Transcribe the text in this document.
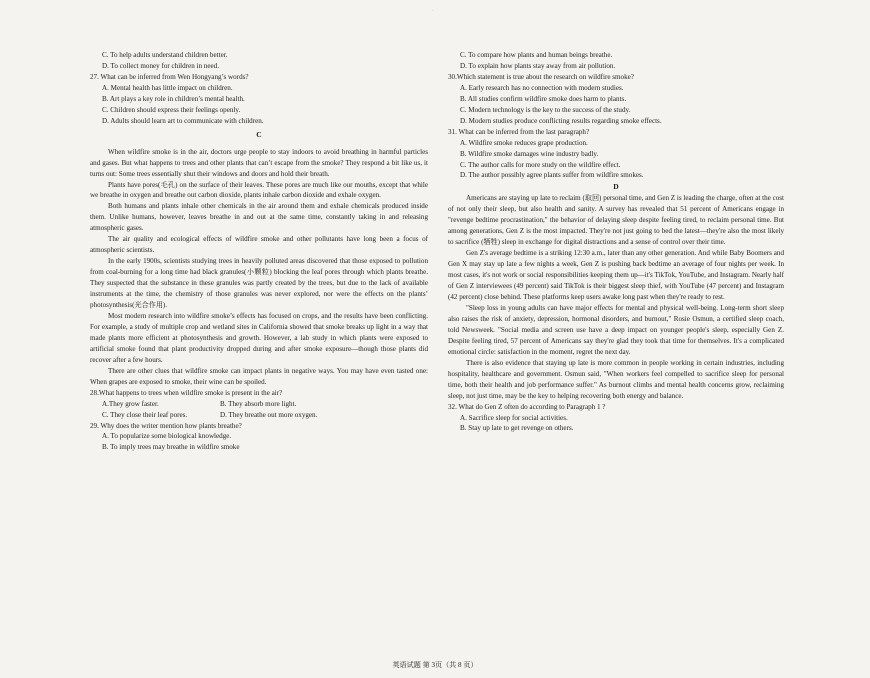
·
C. To help adults understand children better.
D. To collect money for children in need.
27. What can be inferred from Wen Hongyang’s words?
A. Mental health has little impact on children.
B. Art plays a key role in children’s mental health.
C. Children should express their feelings openly.
D. Adults should learn art to communicate with children.
C
When wildfire smoke is in the air, doctors urge people to stay indoors to avoid breathing in harmful particles and gases. But what happens to trees and other plants that can’t escape from the smoke? They respond a bit like us, it turns out: Some trees essentially shut their windows and doors and hold their breath.
Plants have pores(毛孔) on the surface of their leaves. These pores are much like our mouths, except that while we breathe in oxygen and breathe out carbon dioxide, plants inhale carbon dioxide and exhale oxygen.
Both humans and plants inhale other chemicals in the air around them and exhale chemicals produced inside them. Unlike humans, however, leaves breathe in and out at the same time, constantly taking in and releasing atmospheric gases.
The air quality and ecological effects of wildfire smoke and other pollutants have long been a focus of atmospheric scientists.
In the early 1900s, scientists studying trees in heavily polluted areas discovered that those exposed to pollution from coal-burning for a long time had black granules(小颗粒) blocking the leaf pores through which plants breathe. They suspected that the substance in these granules was partly created by the trees, but due to the lack of available instruments at the time, the chemistry of those granules was never explored, nor were the effects on the plants’ photosynthesis(光合作用).
Most modern research into wildfire smoke’s effects has focused on crops, and the results have been conflicting. For example, a study of multiple crop and wetland sites in California showed that smoke breaks up light in a way that made plants more efficient at photosynthesis and growth. However, a lab study in which plants were exposed to artificial smoke found that plant productivity dropped during and after smoke exposure—though those plants did recover after a few hours.
There are other clues that wildfire smoke can impact plants in negative ways. You may have even tasted one: When grapes are exposed to smoke, their wine can be spoiled.
28.What happens to trees when wildfire smoke is present in the air?
A.They grow faster.	B. They absorb more light.
C. They close their leaf pores.	D. They breathe out more oxygen.
29. Why does the writer mention how plants breathe?
A. To popularize some biological knowledge.
B. To imply trees may breathe in wildfire smoke
C. To compare how plants and human beings breathe.
D. To explain how plants stay away from air pollution.
30.Which statement is true about the research on wildfire smoke?
A. Early research has no connection with modern studies.
B. All studies confirm wildfire smoke does harm to plants.
C. Modern technology is the key to the success of the study.
D. Modern studies produce conflicting results regarding smoke effects.
31. What can be inferred from the last paragraph?
A. Wildfire smoke reduces grape production.
B. Wildfire smoke damages wine industry badly.
C. The author calls for more study on the wildfire effect.
D. The author possibly agree plants suffer from wildfire smokes.
D
Americans are staying up late to reclaim (取回) personal time, and Gen Z is leading the charge, often at the cost of not only their sleep, but also health and sanity. A survey has revealed that 51 percent of Americans engage in "revenge bedtime procrastination," the behavior of delaying sleep despite feeling tired, to reclaim personal time. But among generations, Gen Z is the most impacted. They're not just going to bed the latest—they're also the most likely to sacrifice (牺牲) sleep in exchange for digital distractions and a sense of control over their time.
Gen Z's average bedtime is a striking 12:30 a.m., later than any other generation. And while Baby Boomers and Gen X may stay up late a few nights a week, Gen Z is pushing back bedtime an average of four nights per week. In most cases, it's not work or social responsibilities keeping them up—it's TikTok, YouTube, and Instagram. Nearly half of Gen Z interviewees (49 percent) said TikTok is their biggest sleep thief, with YouTube (47 percent) and Instagram (42 percent) close behind. These platforms keep users awake long past when they're ready to rest.
"Sleep loss in young adults can have major effects for mental and physical well-being. Long-term short sleep also raises the risk of anxiety, depression, hormonal disorders, and burnout," Rosie Osmun, a certified sleep coach, told Newsweek. "Social media and screen use have a deep impact on younger people's sleep, especially Gen Z. Despite feeling tired, 57 percent of Americans say they're glad they took that time for themselves. It's a complicated emotional circle: satisfaction in the moment, regret the next day.
There is also evidence that staying up late is more common in people working in certain industries, including hospitality, healthcare and government. Osmun said, "When workers feel compelled to sacrifice sleep for personal time, both their health and job performance suffer." As burnout climbs and mental health concerns grow, reclaiming sleep, not just time, may be the key to helping recovering both energy and balance.
32. What do Gen Z often do according to Paragraph 1 ?
A. Sacrifice sleep for social activities.
B. Stay up late to get revenge on others.
英语试题 第 3页（共 8 页）
